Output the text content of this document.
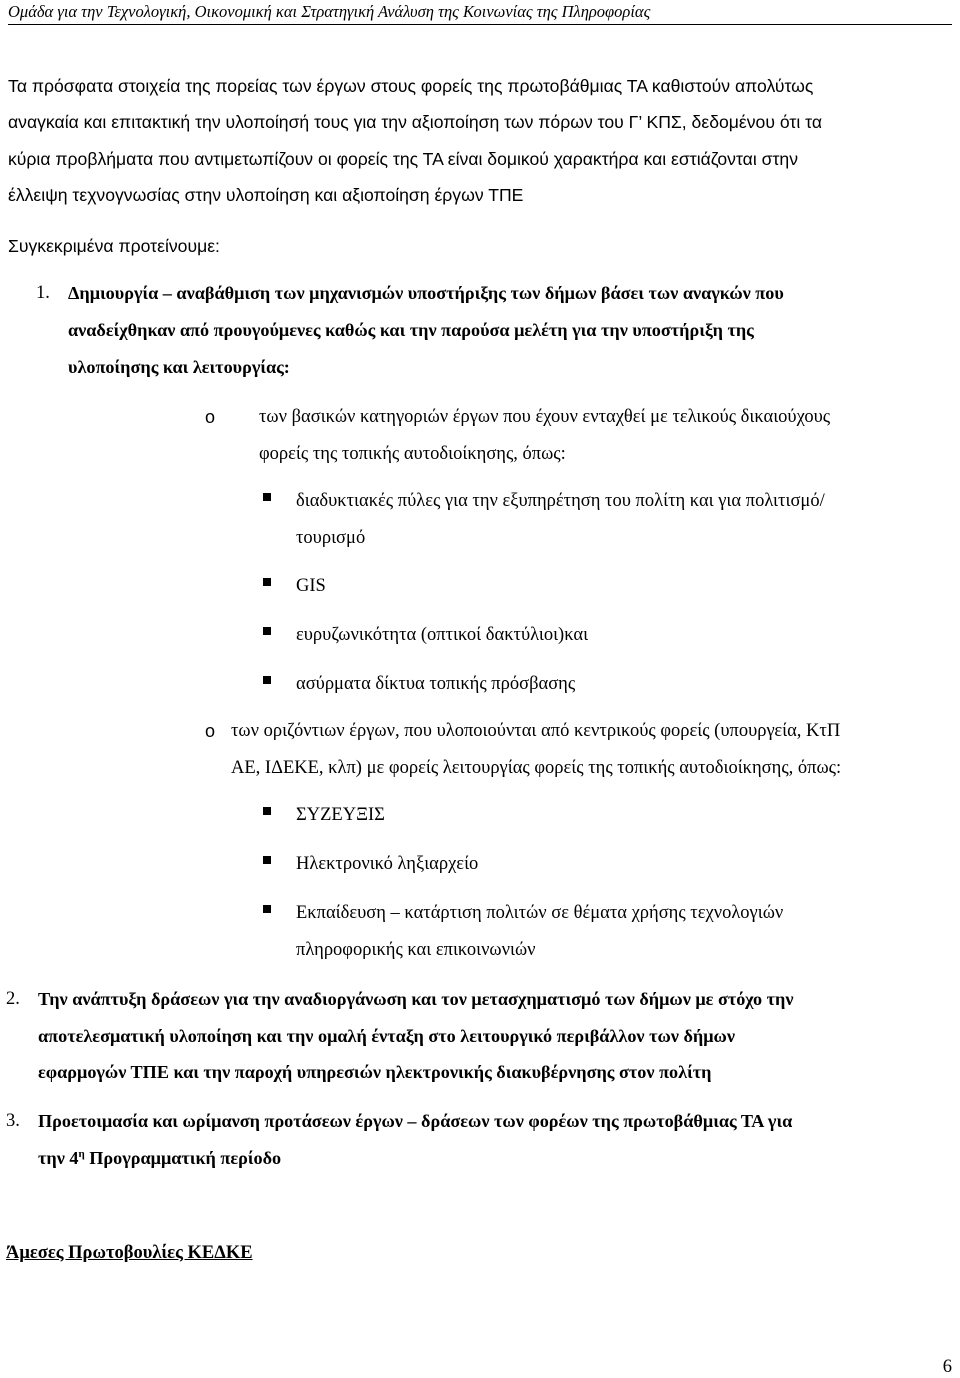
Ομάδα για την Τεχνολογική, Οικονομική και Στρατηγική Ανάλυση της Κοινωνίας της Πληροφορίας

Τα πρόσφατα στοιχεία της πορείας των έργων στους φορείς της πρωτοβάθμιας ΤΑ καθιστούν απολύτως
αναγκαία και επιτακτική την υλοποίησή τους για την αξιοποίηση των πόρων του Γ’ ΚΠΣ, δεδομένου ότι τα
κύρια προβλήματα που αντιμετωπίζουν οι φορείς της ΤΑ είναι δομικού χαρακτήρα και εστιάζονται στην
έλλειψη τεχνογνωσίας στην υλοποίηση και αξιοποίηση έργων ΤΠΕ

Συγκεκριμένα προτείνουμε:

1. Δημιουργία – αναβάθμιση των μηχανισμών υποστήριξης των δήμων βάσει των αναγκών που
αναδείχθηκαν από προυγούμενες καθώς και την παρούσα μελέτη για την υποστήριξη της
υλοποίησης και λειτουργίας:
o των βασικών κατηγοριών έργων που έχουν ενταχθεί με τελικούς δικαιούχους
φορείς της τοπικής αυτοδιοίκησης, όπως:
διαδυκτιακές πύλες για την εξυπηρέτηση του πολίτη και για πολιτισμό/
τουρισμό
GIS
ευρυζωνικότητα (οπτικοί δακτύλιοι)και
ασύρματα δίκτυα τοπικής πρόσβασης
o των οριζόντιων έργων, που υλοποιούνται από κεντρικούς φορείς (υπουργεία, ΚτΠ
ΑΕ, ΙΔΕΚΕ, κλπ) με φορείς λειτουργίας φορείς της τοπικής αυτοδιοίκησης, όπως:
ΣΥΖΕΥΞΙΣ
Ηλεκτρονικό ληξιαρχείο
Εκπαίδευση – κατάρτιση πολιτών σε θέματα χρήσης τεχνολογιών
πληροφορικής και επικοινωνιών
2. Την ανάπτυξη δράσεων για την αναδιοργάνωση και τον μετασχηματισμό των δήμων με στόχο την
αποτελεσματική υλοποίηση και την ομαλή ένταξη στο λειτουργικό περιβάλλον των δήμων
εφαρμογών ΤΠΕ και την παροχή υπηρεσιών ηλεκτρονικής διακυβέρνησης στον πολίτη
3. Προετοιμασία και ωρίμανση προτάσεων έργων – δράσεων των φορέων της πρωτοβάθμιας ΤΑ για
την $4^\eta$ Προγραμματική περίοδο
Άμεσες Πρωτοβουλίες ΚΕΔΚΕ
6
